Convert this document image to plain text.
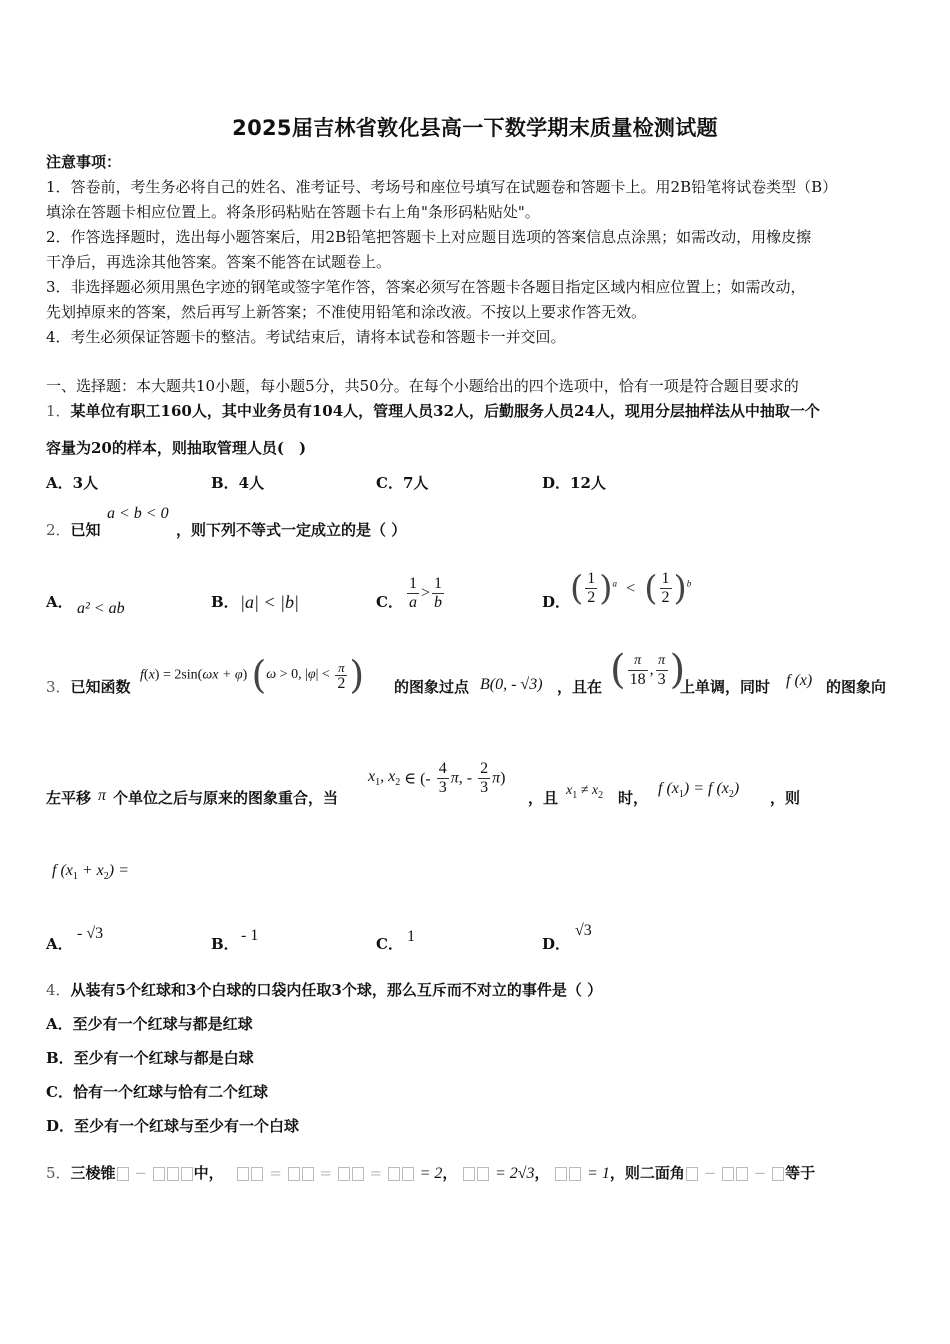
2025届吉林省敦化县高一下数学期末质量检测试题
注意事项：
1．答卷前，考生务必将自己的姓名、准考证号、考场号和座位号填写在试题卷和答题卡上。用2B铅笔将试卷类型（B）
填涂在答题卡相应位置上。将条形码粘贴在答题卡右上角"条形码粘贴处"。
2．作答选择题时，选出每小题答案后，用2B铅笔把答题卡上对应题目选项的答案信息点涂黑；如需改动，用橡皮擦
干净后，再选涂其他答案。答案不能答在试题卷上。
3．非选择题必须用黑色字迹的钢笔或签字笔作答，答案必须写在答题卡各题目指定区域内相应位置上；如需改动，
先划掉原来的答案，然后再写上新答案；不准使用铅笔和涂改液。不按以上要求作答无效。
4．考生必须保证答题卡的整洁。考试结束后，请将本试卷和答题卡一并交回。
一、选择题：本大题共10小题，每小题5分，共50分。在每个小题给出的四个选项中，恰有一项是符合题目要求的
1．某单位有职工160人，其中业务员有104人，管理人员32人，后勤服务人员24人，现用分层抽样法从中抽取一个
容量为20的样本，则抽取管理人员(　)
A．3人	B．4人	C．7人	D．12人
2．已知
a < b < 0
，则下列不等式一定成立的是（ ）
A． a² < ab	B． |a| < |b|	C． $\frac{1}{a} > \frac{1}{b}$	D． ( $\frac{1}{2} )^a$ < ( $\frac{1}{2} )^b$
3．已知函数
f(x) = 2sin(ωx + φ) (ω > 0, $|\varphi| < \frac{\pi}{2}$ ) 的图象过点 B(0, - √3) ，且在 ( $\frac{\pi}{18}$ , $\frac{\pi}{3}$ )
上单调，同时 f (x) 的图象向
左平移 π 个单位之后与原来的图象重合，当
$x_1$, $x_2$ ∈ (- $\frac{4}{3} \pi$, - $\frac{2}{3} \pi$)
，且 $x_1 \ne x_2$ 时，
f $(x_1) = f$ $(x_2)$
，则
f $(x_1 + x_2)$ =
A．
- √3
B． - 1	C． 1	D．
√3
4．从装有5个红球和3个白球的口袋内任取3个球，那么互斥而不对立的事件是（ ）
A．至少有一个红球与都是红球
B．至少有一个红球与都是白球
C．恰有一个红球与恰有二个红球
D．至少有一个红球与至少有一个白球
5．三棱锥 −	中，	=  =  =  = 2， = 2√3， = 1，则二面角 −  − 等于
